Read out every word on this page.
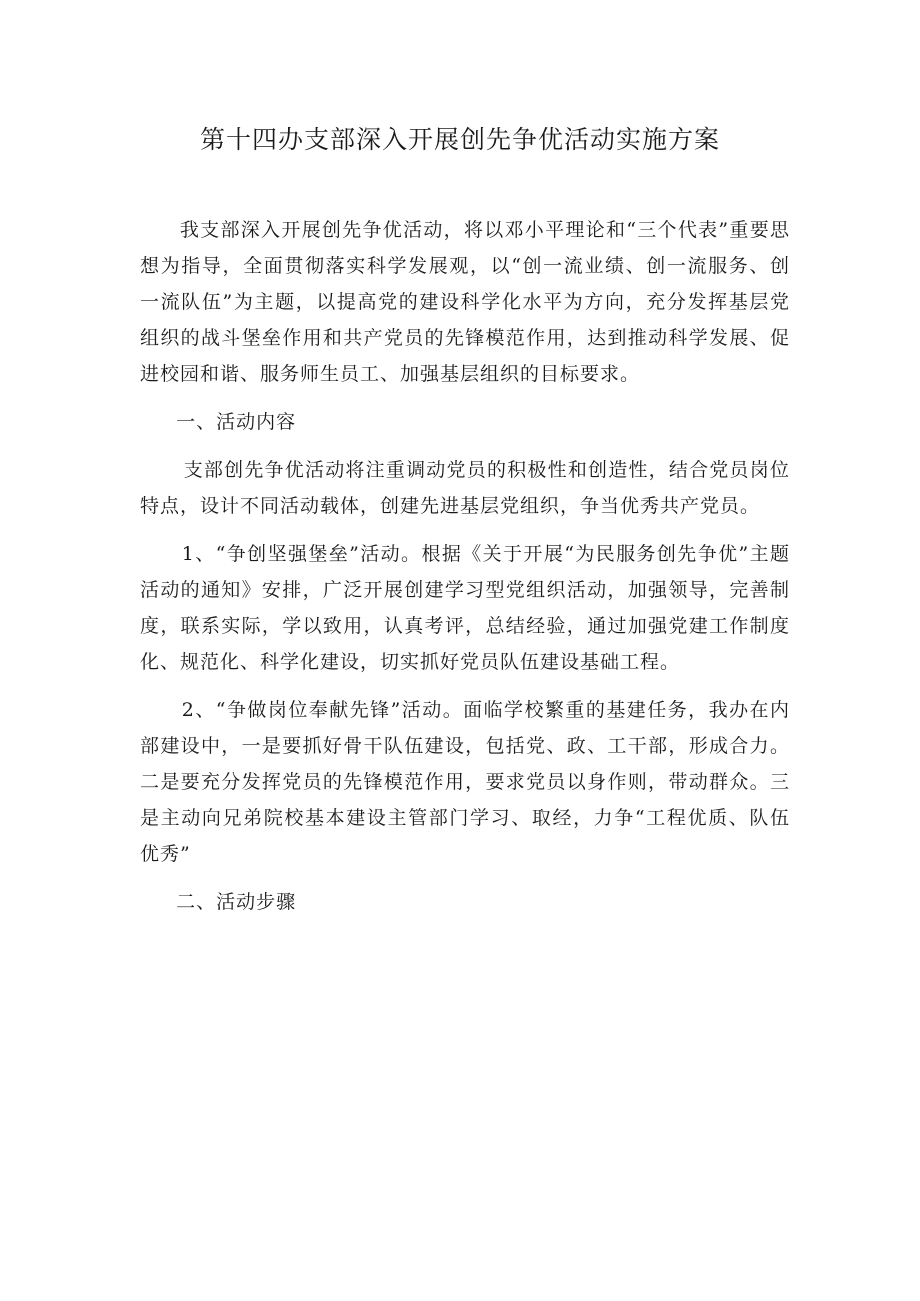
第十四办支部深入开展创先争优活动实施方案

我支部深入开展创先争优活动，将以邓小平理论和“三个代表”重要思想为指导，全面贯彻落实科学发展观，以“创一流业绩、创一流服务、创一流队伍”为主题，以提高党的建设科学化水平为方向，充分发挥基层党组织的战斗堡垒作用和共产党员的先锋模范作用，达到推动科学发展、促进校园和谐、服务师生员工、加强基层组织的目标要求。

一、活动内容

支部创先争优活动将注重调动党员的积极性和创造性，结合党员岗位特点，设计不同活动载体，创建先进基层党组织，争当优秀共产党员。

1、“争创坚强堡垒”活动。根据《关于开展“为民服务创先争优”主题活动的通知》安排，广泛开展创建学习型党组织活动，加强领导，完善制度，联系实际，学以致用，认真考评，总结经验，通过加强党建工作制度化、规范化、科学化建设，切实抓好党员队伍建设基础工程。

2、“争做岗位奉献先锋”活动。面临学校繁重的基建任务，我办在内部建设中，一是要抓好骨干队伍建设，包括党、政、工干部，形成合力。二是要充分发挥党员的先锋模范作用，要求党员以身作则，带动群众。三是主动向兄弟院校基本建设主管部门学习、取经，力争“工程优质、队伍优秀”

二、活动步骤
